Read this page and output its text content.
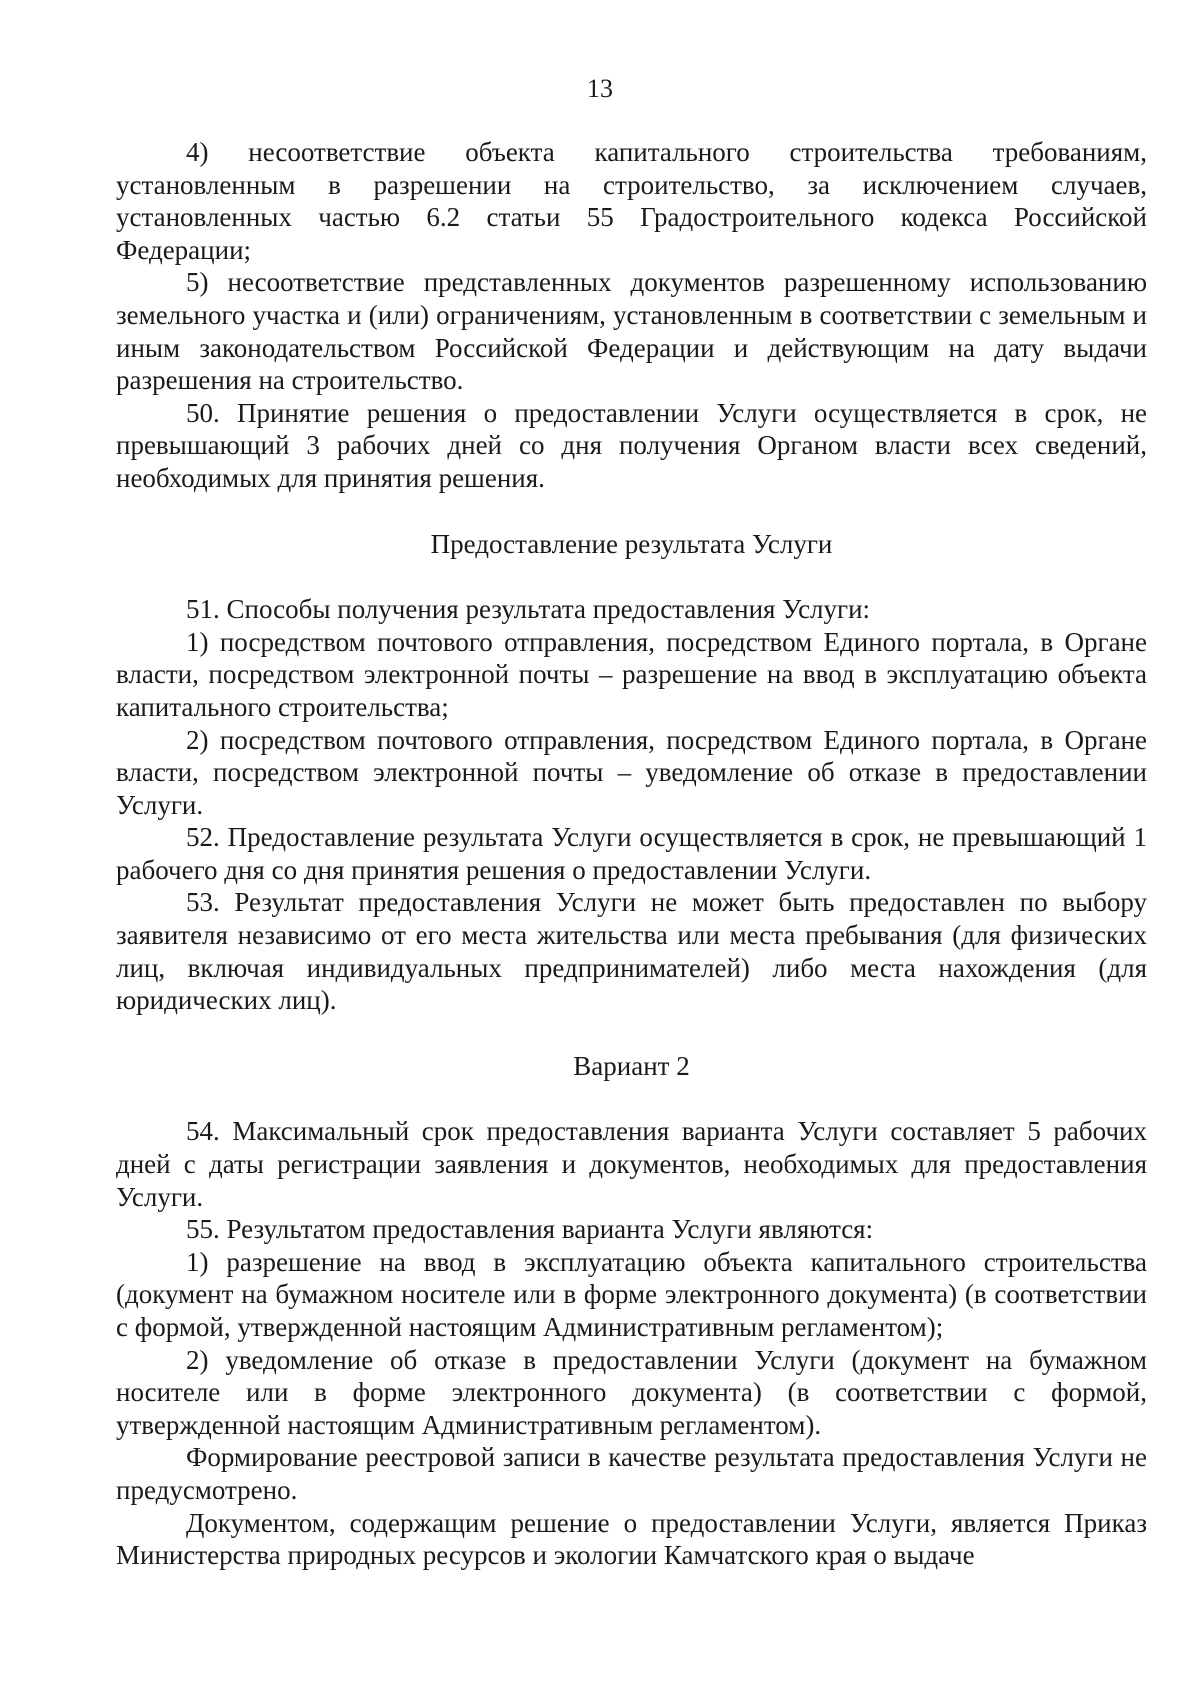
13

4) несоответствие объекта капитального строительства требованиям, установленным в разрешении на строительство, за исключением случаев, установленных частью 6.2 статьи 55 Градостроительного кодекса Российской Федерации;

5) несоответствие представленных документов разрешенному использованию земельного участка и (или) ограничениям, установленным в соответствии с земельным и иным законодательством Российской Федерации и действующим на дату выдачи разрешения на строительство.

50. Принятие решения о предоставлении Услуги осуществляется в срок, не превышающий 3 рабочих дней со дня получения Органом власти всех сведений, необходимых для принятия решения.

Предоставление результата Услуги

51. Способы получения результата предоставления Услуги:

1) посредством почтового отправления, посредством Единого портала, в Органе власти, посредством электронной почты – разрешение на ввод в эксплуатацию объекта капитального строительства;

2) посредством почтового отправления, посредством Единого портала, в Органе власти, посредством электронной почты – уведомление об отказе в предоставлении Услуги.

52. Предоставление результата Услуги осуществляется в срок, не превышающий 1 рабочего дня со дня принятия решения о предоставлении Услуги.

53. Результат предоставления Услуги не может быть предоставлен по выбору заявителя независимо от его места жительства или места пребывания (для физических лиц, включая индивидуальных предпринимателей) либо места нахождения (для юридических лиц).

Вариант 2

54. Максимальный срок предоставления варианта Услуги составляет 5 рабочих дней с даты регистрации заявления и документов, необходимых для предоставления Услуги.

55. Результатом предоставления варианта Услуги являются:

1) разрешение на ввод в эксплуатацию объекта капитального строительства (документ на бумажном носителе или в форме электронного документа) (в соответствии с формой, утвержденной настоящим Административным регламентом);

2) уведомление об отказе в предоставлении Услуги (документ на бумажном носителе или в форме электронного документа) (в соответствии с формой, утвержденной настоящим Административным регламентом).

Формирование реестровой записи в качестве результата предоставления Услуги не предусмотрено.

Документом, содержащим решение о предоставлении Услуги, является Приказ Министерства природных ресурсов и экологии Камчатского края о выдаче
